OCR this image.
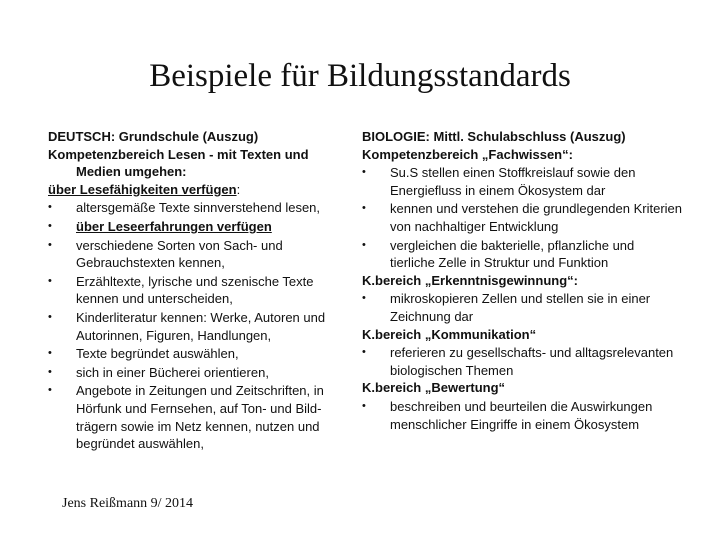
Beispiele für Bildungsstandards
DEUTSCH: Grundschule (Auszug)
Kompetenzbereich Lesen - mit Texten und
Medien umgehen:
über Lesefähigkeiten verfügen:
•	altersgemäße Texte sinnverstehend lesen,
•	über Leseerfahrungen verfügen
•	verschiedene Sorten von Sach- und Gebrauchstexten kennen,
•	Erzähltexte, lyrische und szenische Texte kennen und unterscheiden,
•	Kinderliteratur kennen: Werke, Autoren und Autorinnen, Figuren, Handlungen,
•	Texte begründet auswählen,
•	sich in einer Bücherei orientieren,
•	Angebote in Zeitungen und Zeitschriften, in Hörfunk und Fernsehen, auf Ton- und Bild- trägern sowie im Netz kennen, nutzen und begründet auswählen,
BIOLOGIE: Mittl. Schulabschluss (Auszug)
Kompetenzbereich „Fachwissen“:
•	Su.S stellen einen Stoffkreislauf sowie den Energiefluss in einem Ökosystem dar
•	kennen und verstehen die grundlegenden Kriterien von nachhaltiger Entwicklung
•	vergleichen die bakterielle, pflanzliche und tierliche Zelle in Struktur und Funktion
K.bereich „Erkenntnisgewinnung“:
•	mikroskopieren Zellen und stellen sie in einer Zeichnung dar
K.bereich „Kommunikation“
•	referieren zu gesellschafts- und alltagsrelevanten biologischen Themen
K.bereich „Bewertung“
•	beschreiben und beurteilen die Auswirkungen menschlicher Eingriffe in einem Ökosystem
Jens Reißmann 9/ 2014
